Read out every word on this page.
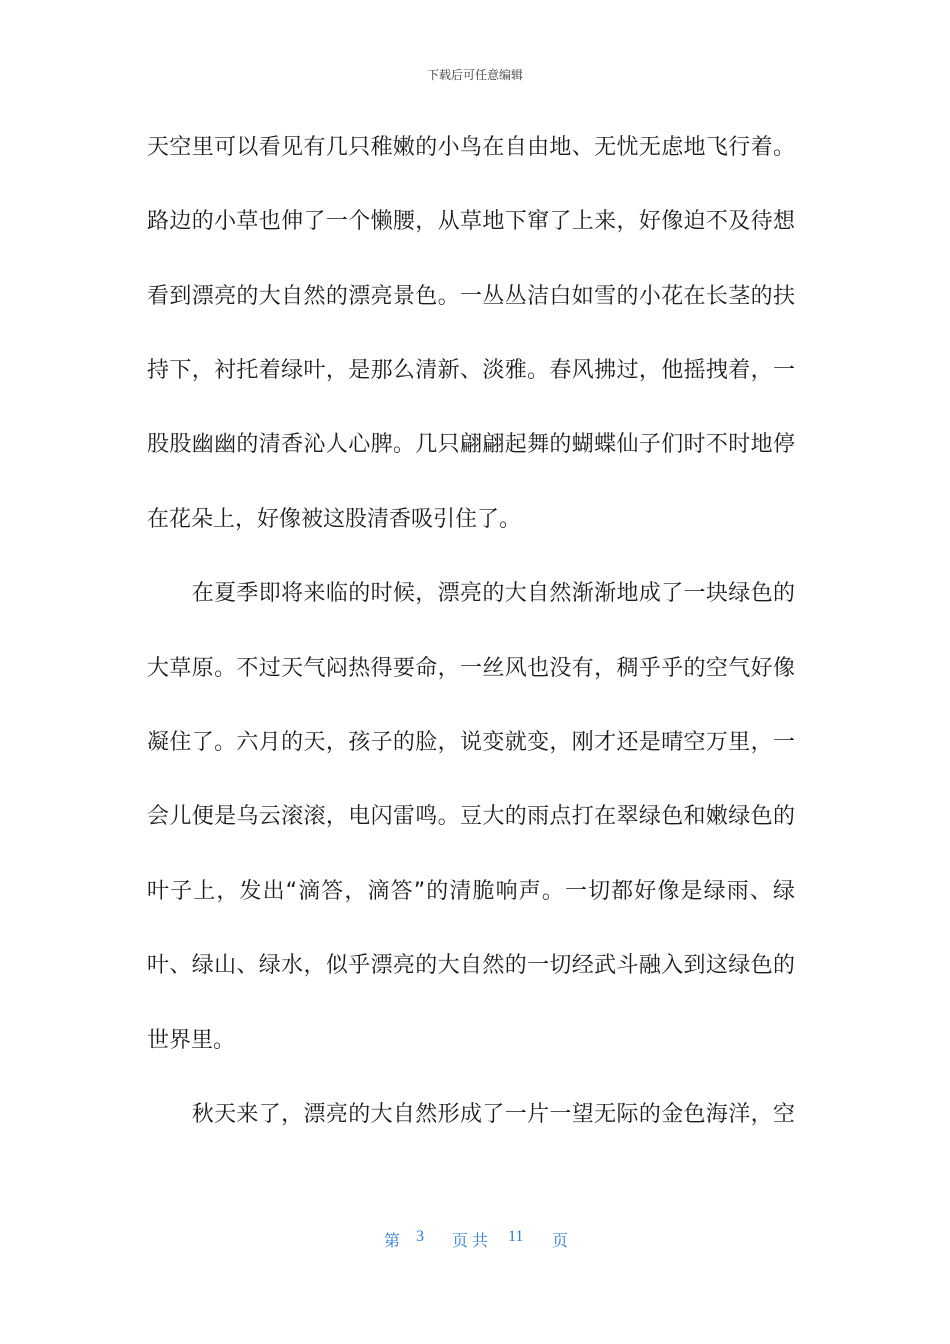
下载后可任意编辑
天空里可以看见有几只稚嫩的小鸟在自由地、无忧无虑地飞行着。
路边的小草也伸了一个懒腰，从草地下窜了上来，好像迫不及待想
看到漂亮的大自然的漂亮景色。一丛丛洁白如雪的小花在长茎的扶
持下，衬托着绿叶，是那么清新、淡雅。春风拂过，他摇拽着，一
股股幽幽的清香沁人心脾。几只翩翩起舞的蝴蝶仙子们时不时地停
在花朵上，好像被这股清香吸引住了。
　　在夏季即将来临的时候，漂亮的大自然渐渐地成了一块绿色的
大草原。不过天气闷热得要命，一丝风也没有，稠乎乎的空气好像
凝住了。六月的天，孩子的脸，说变就变，刚才还是晴空万里，一
会儿便是乌云滚滚，电闪雷鸣。豆大的雨点打在翠绿色和嫩绿色的
叶子上，发出“滴答，滴答”的清脆响声。一切都好像是绿雨、绿
叶、绿山、绿水，似乎漂亮的大自然的一切经武斗融入到这绿色的
世界里。
　　秋天来了，漂亮的大自然形成了一片一望无际的金色海洋，空
第 3 页 共 11 页
